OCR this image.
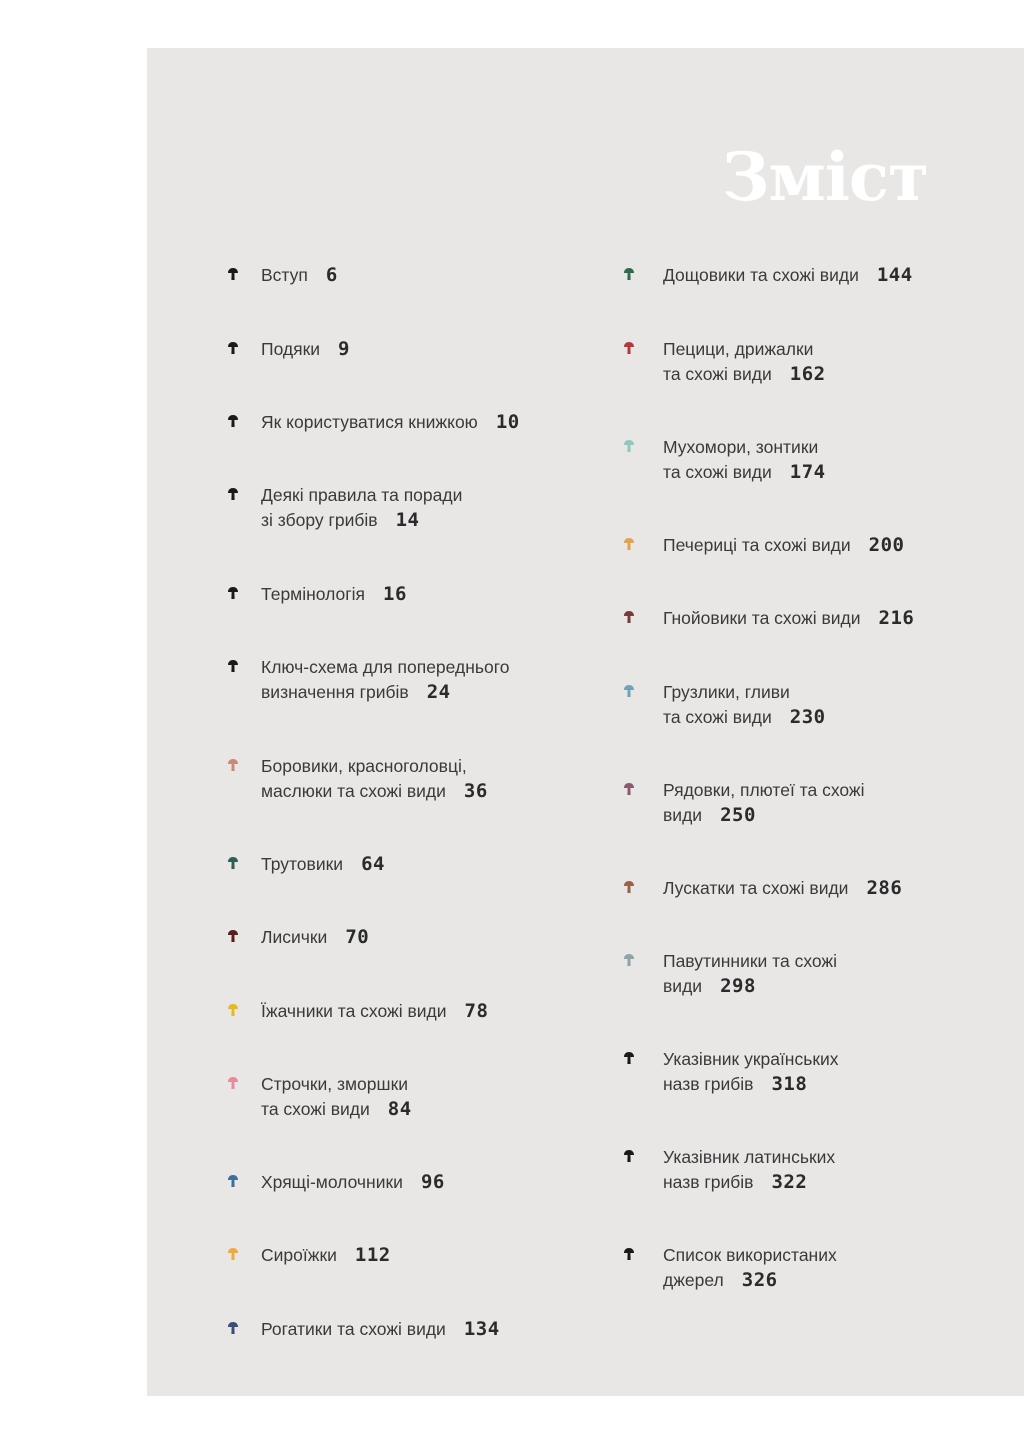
Зміст
Вступ 6
Подяки 9
Як користуватися книжкою 10
Деякі правила та поради
зі збору грибів 14
Термінологія 16
Ключ-схема для попереднього
визначення грибів 24
Боровики, красноголовці,
маслюки та схожі види 36
Трутовики 64
Лисички 70
Їжачники та схожі види 78
Строчки, зморшки
та схожі види 84
Хрящі-молочники 96
Сироїжки 112
Рогатики та схожі види 134
Дощовики та схожі види 144
Пецици, дрижалки
та схожі види 162
Мухомори, зонтики
та схожі види 174
Печериці та схожі види 200
Гнойовики та схожі види 216
Грузлики, гливи
та схожі види 230
Рядовки, плютеї та схожі
види 250
Лускатки та схожі види 286
Павутинники та схожі
види 298
Указівник українських
назв грибів 318
Указівник латинських
назв грибів 322
Список використаних
джерел 326
